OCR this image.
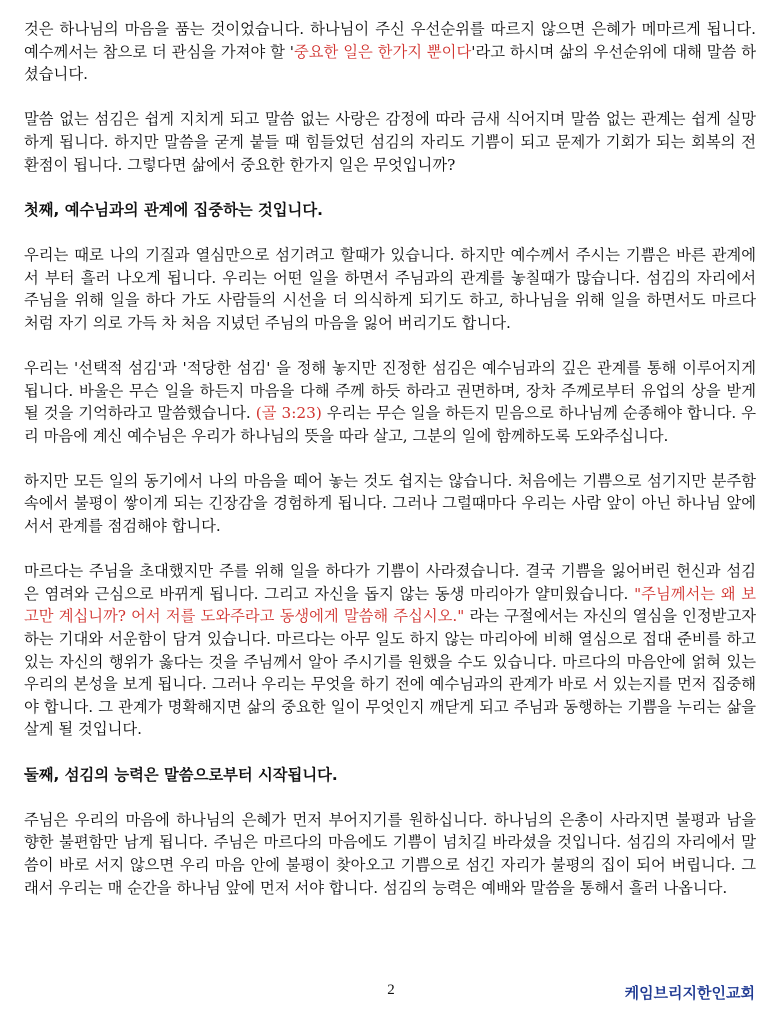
것은 하나님의 마음을 품는 것이었습니다. 하나님이 주신 우선순위를 따르지 않으면 은혜가 메마르게 됩니다. 예수께서는 참으로 더 관심을 가져야 할 '중요한 일은 한가지 뿐이다'라고 하시며 삶의 우선순위에 대해 말씀 하셨습니다.

말씀 없는 섬김은 쉽게 지치게 되고 말씀 없는 사랑은 감정에 따라 금새 식어지며 말씀 없는 관계는 쉽게 실망하게 됩니다. 하지만 말씀을 굳게 붙들 때 힘들었던 섬김의 자리도 기쁨이 되고 문제가 기회가 되는 회복의 전환점이 됩니다. 그렇다면 삶에서 중요한 한가지 일은 무엇입니까?

첫째, 예수님과의 관계에 집중하는 것입니다.

우리는 때로 나의 기질과 열심만으로 섬기려고 할때가 있습니다. 하지만 예수께서 주시는 기쁨은 바른 관계에서 부터 흘러 나오게 됩니다. 우리는 어떤 일을 하면서 주님과의 관계를 놓칠때가 많습니다. 섬김의 자리에서 주님을 위해 일을 하다 가도 사람들의 시선을 더 의식하게 되기도 하고, 하나님을 위해 일을 하면서도 마르다 처럼 자기 의로 가득 차 처음 지녔던 주님의 마음을 잃어 버리기도 합니다.

우리는 '선택적 섬김'과 '적당한 섬김' 을 정해 놓지만 진정한 섬김은 예수님과의 깊은 관계를 통해 이루어지게 됩니다. 바울은 무슨 일을 하든지 마음을 다해 주께 하듯 하라고 권면하며, 장차 주께로부터 유업의 상을 받게 될 것을 기억하라고 말씀했습니다. (골 3:23) 우리는 무슨 일을 하든지 믿음으로 하나님께 순종해야 합니다. 우리 마음에 계신 예수님은 우리가 하나님의 뜻을 따라 살고, 그분의 일에 함께하도록 도와주십니다.

하지만 모든 일의 동기에서 나의 마음을 떼어 놓는 것도 쉽지는 않습니다. 처음에는 기쁨으로 섬기지만 분주함 속에서 불평이 쌓이게 되는 긴장감을 경험하게 됩니다. 그러나 그럴때마다 우리는 사람 앞이 아닌 하나님 앞에 서서 관계를 점검해야 합니다.

마르다는 주님을 초대했지만 주를 위해 일을 하다가 기쁨이 사라졌습니다. 결국 기쁨을 잃어버린 헌신과 섬김은 염려와 근심으로 바뀌게 됩니다. 그리고 자신을 돕지 않는 동생 마리아가 얄미웠습니다. "주님께서는 왜 보고만 계십니까? 어서 저를 도와주라고 동생에게 말씀해 주십시오." 라는 구절에서는 자신의 열심을 인정받고자 하는 기대와 서운함이 담겨 있습니다. 마르다는 아무 일도 하지 않는 마리아에 비해 열심으로 접대 준비를 하고 있는 자신의 행위가 옳다는 것을 주님께서 알아 주시기를 원했을 수도 있습니다. 마르다의 마음안에 얽혀 있는 우리의 본성을 보게 됩니다. 그러나 우리는 무엇을 하기 전에 예수님과의 관계가 바로 서 있는지를 먼저 집중해야 합니다. 그 관계가 명확해지면 삶의 중요한 일이 무엇인지 깨닫게 되고 주님과 동행하는 기쁨을 누리는 삶을 살게 될 것입니다.

둘째, 섬김의 능력은 말씀으로부터 시작됩니다.

주님은 우리의 마음에 하나님의 은혜가 먼저 부어지기를 원하십니다. 하나님의 은총이 사라지면 불평과 남을 향한 불편함만 남게 됩니다. 주님은 마르다의 마음에도 기쁨이 넘치길 바라셨을 것입니다. 섬김의 자리에서 말씀이 바로 서지 않으면 우리 마음 안에 불평이 찾아오고 기쁨으로 섬긴 자리가 불평의 집이 되어 버립니다. 그래서 우리는 매 순간을 하나님 앞에 먼저 서야 합니다. 섬김의 능력은 예배와 말씀을 통해서 흘러 나옵니다.

2	케임브리지한인교회
